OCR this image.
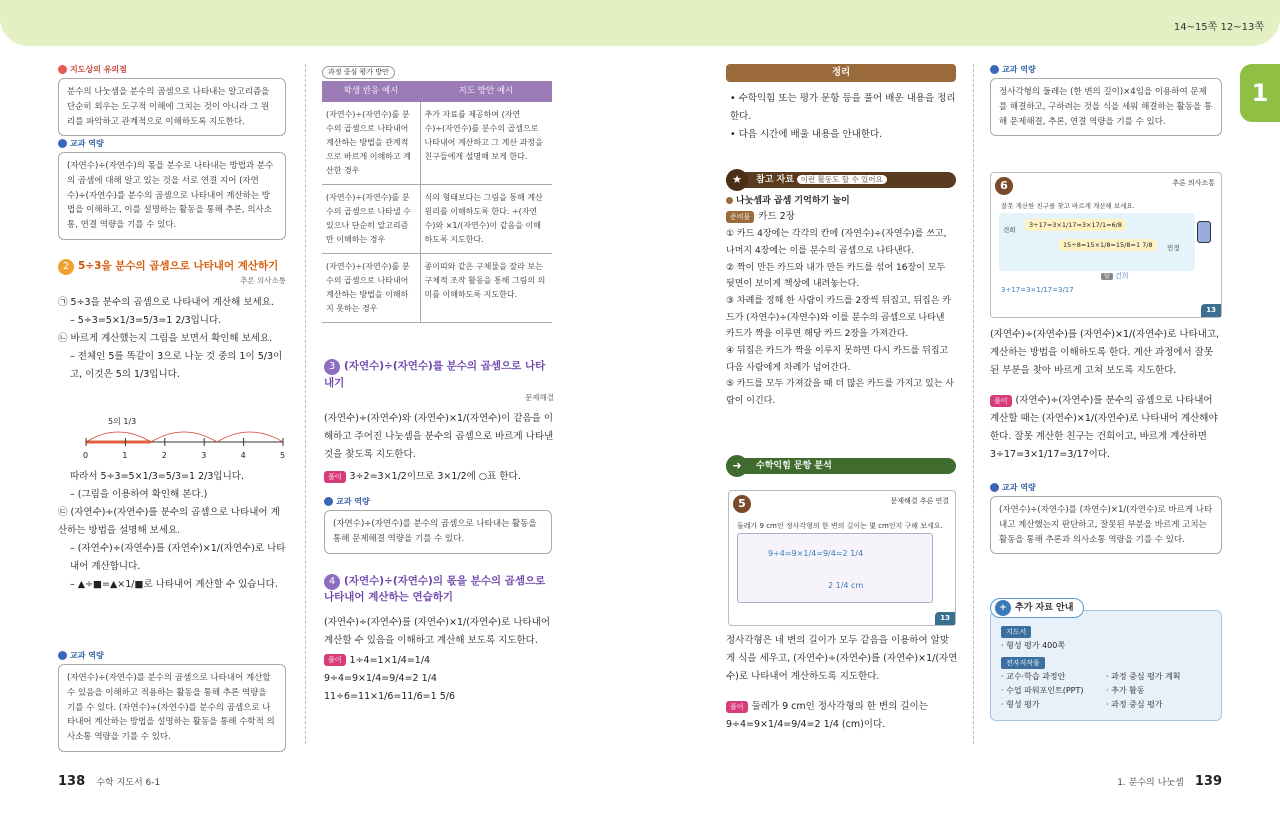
14~15쪽 12~13쪽
1
지도상의 유의점
분수의 나눗셈을 분수의 곱셈으로 나타내는 알고리즘을 단순히 외우는 도구적 이해에 그치는 것이 아니라 그 원리를 파악하고 관계적으로 이해하도록 지도한다.
교과 역량
(자연수)÷(자연수)의 몫을 분수로 나타내는 방법과 분수의 곱셈에 대해 알고 있는 것을 서로 연결 지어 (자연수)÷(자연수)를 분수의 곱셈으로 나타내어 계산하는 방법을 이해하고, 이를 설명하는 활동을 통해 추론, 의사소통, 연결 역량을 기를 수 있다.
2 5÷3을 분수의 곱셈으로 나타내어 계산하기
추론 의사소통
㉠ 5÷3을 분수의 곱셈으로 나타내어 계산해 보세요.
– 5÷3=5×1/3=5/3=1 2/3입니다.
㉡ 바르게 계산했는지 그림을 보면서 확인해 보세요.
– 전체인 5를 똑같이 3으로 나눈 것 중의 1이 5/3이고, 이것은 5의 1/3입니다.
5의 1/3
0	1	2	3	4	5
따라서 5÷3=5×1/3=5/3=1 2/3입니다.
– (그림을 이용하여 확인해 본다.)
㉢ (자연수)÷(자연수)를 분수의 곱셈으로 나타내어 계산하는 방법을 설명해 보세요.
– (자연수)÷(자연수)를 (자연수)×1/(자연수)로 나타내어 계산합니다.
– ▲÷■=▲×1/■로 나타내어 계산할 수 있습니다.
교과 역량
(자연수)÷(자연수)를 분수의 곱셈으로 나타내어 계산할 수 있음을 이해하고 적용하는 활동을 통해 추론 역량을 기를 수 있다. (자연수)÷(자연수)를 분수의 곱셈으로 나타내어 계산하는 방법을 설명하는 활동을 통해 수학적 의사소통 역량을 기를 수 있다.
138 수학 지도서 6-1
과정 중심 평가 방안
학생 반응 예시	지도 방안 예시
(자연수)÷(자연수)를 분수의 곱셈으로 나타내어 계산하는 방법을 관계적으로 바르게 이해하고 계산한 경우	추가 자료를 제공하여 (자연수)÷(자연수)를 분수의 곱셈으로 나타내어 계산하고 그 계산 과정을 친구들에게 설명해 보게 한다.
(자연수)÷(자연수)를 분수의 곱셈으로 나타낼 수 있으나 단순히 알고리즘만 이해하는 경우	식의 형태보다는 그림을 통해 계산 원리를 이해하도록 한다. ÷(자연수)와 ×1/(자연수)이 같음을 이해하도록 지도한다.
(자연수)÷(자연수)를 분수의 곱셈으로 나타내어 계산하는 방법을 이해하지 못하는 경우	종이띠와 같은 구체물을 잘라 보는 구체적 조작 활동을 통해 그림의 의미를 이해하도록 지도한다.
3 (자연수)÷(자연수)를 분수의 곱셈으로 나타내기
문제해결
(자연수)÷(자연수)와 (자연수)×1/(자연수)이 같음을 이해하고 주어진 나눗셈을 분수의 곱셈으로 바르게 나타낸 것을 찾도록 지도한다.
풀이 3÷2=3×1/2이므로 3×1/2에 ○표 한다.
교과 역량
(자연수)÷(자연수)를 분수의 곱셈으로 나타내는 활동을 통해 문제해결 역량을 기를 수 있다.
4 (자연수)÷(자연수)의 몫을 분수의 곱셈으로 나타내어 계산하는 연습하기
(자연수)÷(자연수)를 (자연수)×1/(자연수)로 나타내어 계산할 수 있음을 이해하고 계산해 보도록 지도한다.
풀이 1÷4=1×1/4=1/4
9÷4=9×1/4=9/4=2 1/4
11÷6=11×1/6=11/6=1 5/6
정리
• 수학익힘 또는 평가 문항 등을 풀어 배운 내용을 정리한다.
• 다음 시간에 배울 내용을 안내한다.
★	참고 자료 이런 활동도 할 수 있어요
나눗셈과 곱셈 기억하기 놀이
준비물 카드 2장
① 카드 4장에는 각각의 칸에 (자연수)÷(자연수)를 쓰고, 나머지 4장에는 이를 분수의 곱셈으로 나타낸다.
② 짝이 만든 카드와 내가 만든 카드를 섞어 16장이 모두 뒷면이 보이게 책상에 내려놓는다.
③ 차례를 정해 한 사람이 카드를 2장씩 뒤집고, 뒤집은 카드가 (자연수)÷(자연수)와 이를 분수의 곱셈으로 나타낸 카드가 짝을 이루면 해당 카드 2장을 가져간다.
④ 뒤집은 카드가 짝을 이루지 못하면 다시 카드를 뒤집고 다음 사람에게 차례가 넘어간다.
⑤ 카드를 모두 가져갔을 때 더 많은 카드를 가지고 있는 사람이 이긴다.
➜	수학익힘 문항 분석
5	문제해결 추론 연결
둘레가 9 cm인 정사각형의 한 변의 길이는 몇 cm인지 구해 보세요.
9÷4=9×1/4=9/4=2 1/4
2 1/4 cm
13
정사각형은 네 변의 길이가 모두 같음을 이용하여 알맞게 식을 세우고, (자연수)÷(자연수)를 (자연수)×1/(자연수)로 나타내어 계산하도록 지도한다.
풀이 둘레가 9 cm인 정사각형의 한 변의 길이는 9÷4=9×1/4=9/4=2 1/4 (cm)이다.
교과 역량
정사각형의 둘레는 (한 변의 길이)×4임을 이용하여 문제를 해결하고, 구하려는 것을 식을 세워 해결하는 활동을 통해 문제해결, 추론, 연결 역량을 기를 수 있다.
6	추론 의사소통
잘못 계산한 친구를 찾고 바르게 계산해 보세요.
건희
3÷17=3×1/17=3×17/1=6/8
15÷8=15×1/8=15/8=1 7/8	민정
답 건희
3÷17=3×1/17=3/17
13
(자연수)÷(자연수)를 (자연수)×1/(자연수)로 나타내고, 계산하는 방법을 이해하도록 한다. 계산 과정에서 잘못된 부분을 찾아 바르게 고쳐 보도록 지도한다.
풀이 (자연수)÷(자연수)를 분수의 곱셈으로 나타내어 계산할 때는 (자연수)×1/(자연수)로 나타내어 계산해야 한다. 잘못 계산한 친구는 건희이고, 바르게 계산하면 3÷17=3×1/17=3/17이다.
교과 역량
(자연수)÷(자연수)를 (자연수)×1/(자연수)로 바르게 나타내고 계산했는지 판단하고, 잘못된 부분을 바르게 고치는 활동을 통해 추론과 의사소통 역량을 기를 수 있다.
+ 추가 자료 안내
지도서
· 형성 평가 400쪽
전자저작물
· 교수·학습 과정안	· 과정 중심 평가 계획
· 수업 파워포인트(PPT)	· 추가 활동
· 형성 평가	· 과정 중심 평가
1. 분수의 나눗셈 139
